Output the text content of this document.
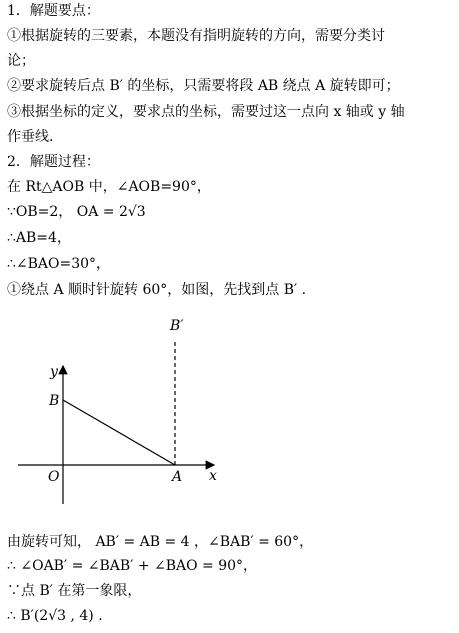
1．解题要点：
①根据旋转的三要素，本题没有指明旋转的方向，需要分类讨
论；
②要求旋转后点 B′ 的坐标，只需要将段 AB 绕点 A 旋转即可；
③根据坐标的定义，要求点的坐标，需要过这一点向 x 轴或 y 轴
作垂线.
2．解题过程：
在 Rt△AOB 中，∠AOB=90°，
∵OB=2， OA = 2√3
∴AB=4，
∴∠BAO=30°，
①绕点 A 顺时针旋转 60°，如图，先找到点 B′ .
B′
y
B
O	A x
由旋转可知， AB′ = AB = 4 ，∠BAB′ = 60°，
∴ ∠OAB′ = ∠BAB′ + ∠BAO = 90°，
∵点 B′ 在第一象限，
∴ B′(2√3 , 4) .
